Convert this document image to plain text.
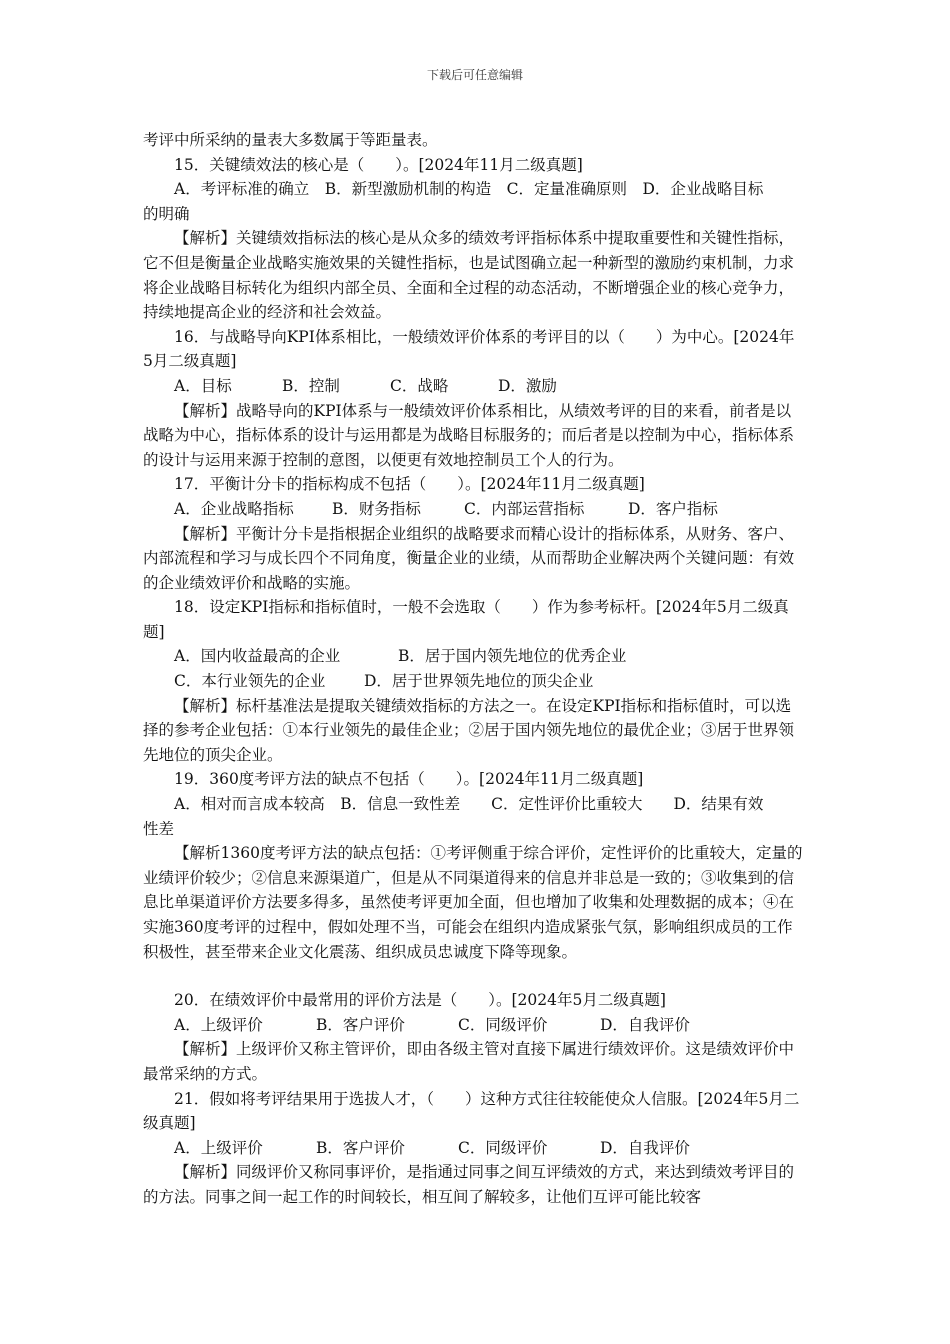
下载后可任意编辑

考评中所采纳的量表大多数属于等距量表。

15．关键绩效法的核心是（　　）。[2024年11月二级真题]

A．考评标准的确立　B．新型激励机制的构造　C．定量准确原则　D．企业战略目标

的明确

【解析】关键绩效指标法的核心是从众多的绩效考评指标体系中提取重要性和关键性指标，它不但是衡量企业战略实施效果的关键性指标，也是试图确立起一种新型的激励约束机制，力求将企业战略目标转化为组织内部全员、全面和全过程的动态活动，不断增强企业的核心竞争力，持续地提高企业的经济和社会效益。

16．与战略导向KPI体系相比，一般绩效评价体系的考评目的以（　　）为中心。[2024年5月二级真题]

A．目标	B．控制	C．战略	D．激励

【解析】战略导向的KPI体系与一般绩效评价体系相比，从绩效考评的目的来看，前者是以战略为中心，指标体系的设计与运用都是为战略目标服务的；而后者是以控制为中心，指标体系的设计与运用来源于控制的意图，以便更有效地控制员工个人的行为。

17．平衡计分卡的指标构成不包括（　　）。[2024年11月二级真题]

A．企业战略指标 B．财务指标	C．内部运营指标	D．客户指标

【解析】平衡计分卡是指根据企业组织的战略要求而精心设计的指标体系，从财务、客户、内部流程和学习与成长四个不同角度，衡量企业的业绩，从而帮助企业解决两个关键问题：有效的企业绩效评价和战略的实施。

18．设定KPI指标和指标值时，一般不会选取（　　）作为参考标杆。[2024年5月二级真题]

A．国内收益最高的企业	B．居于国内领先地位的优秀企业

C．本行业领先的企业 D．居于世界领先地位的顶尖企业

【解析】标杆基准法是提取关键绩效指标的方法之一。在设定KPI指标和指标值时，可以选择的参考企业包括：①本行业领先的最佳企业；②居于国内领先地位的最优企业；③居于世界领先地位的顶尖企业。

19．360度考评方法的缺点不包括（　　）。[2024年11月二级真题]

A．相对而言成本较高　B．信息一致性差　　C．定性评价比重较大　　D．结果有效

性差

【解析1360度考评方法的缺点包括：①考评侧重于综合评价，定性评价的比重较大，定量的业绩评价较少；②信息来源渠道广，但是从不同渠道得来的信息并非总是一致的；③收集到的信息比单渠道评价方法要多得多，虽然使考评更加全面，但也增加了收集和处理数据的成本；④在实施360度考评的过程中，假如处理不当，可能会在组织内造成紧张气氛，影响组织成员的工作积极性，甚至带来企业文化震荡、组织成员忠诚度下降等现象。

20．在绩效评价中最常用的评价方法是（　　）。[2024年5月二级真题]

A．上级评价	B．客户评价	C．同级评价	D．自我评价

【解析】上级评价又称主管评价，即由各级主管对直接下属进行绩效评价。这是绩效评价中最常采纳的方式。

21．假如将考评结果用于选拔人才，（　　）这种方式往往较能使众人信服。[2024年5月二级真题]

A．上级评价	B．客户评价	C．同级评价	D．自我评价

【解析】同级评价又称同事评价，是指通过同事之间互评绩效的方式，来达到绩效考评目的的方法。同事之间一起工作的时间较长，相互间了解较多，让他们互评可能比较客
